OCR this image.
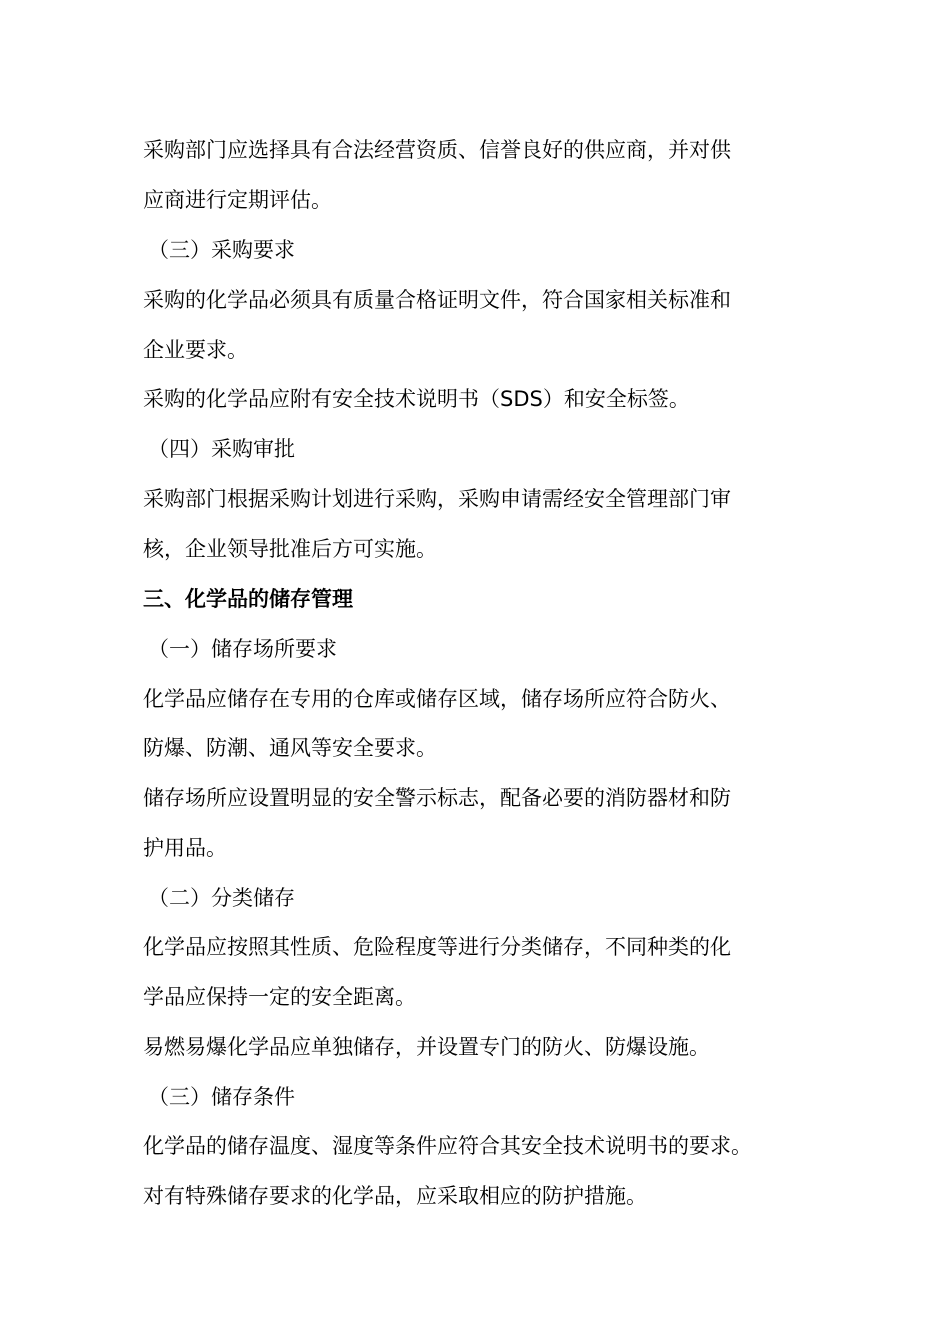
采购部门应选择具有合法经营资质、信誉良好的供应商，并对供
应商进行定期评估。
（三）采购要求
采购的化学品必须具有质量合格证明文件，符合国家相关标准和
企业要求。
采购的化学品应附有安全技术说明书（SDS）和安全标签。
（四）采购审批
采购部门根据采购计划进行采购，采购申请需经安全管理部门审
核，企业领导批准后方可实施。
三、化学品的储存管理
（一）储存场所要求
化学品应储存在专用的仓库或储存区域，储存场所应符合防火、
防爆、防潮、通风等安全要求。
储存场所应设置明显的安全警示标志，配备必要的消防器材和防
护用品。
（二）分类储存
化学品应按照其性质、危险程度等进行分类储存，不同种类的化
学品应保持一定的安全距离。
易燃易爆化学品应单独储存，并设置专门的防火、防爆设施。
（三）储存条件
化学品的储存温度、湿度等条件应符合其安全技术说明书的要求。
对有特殊储存要求的化学品，应采取相应的防护措施。
